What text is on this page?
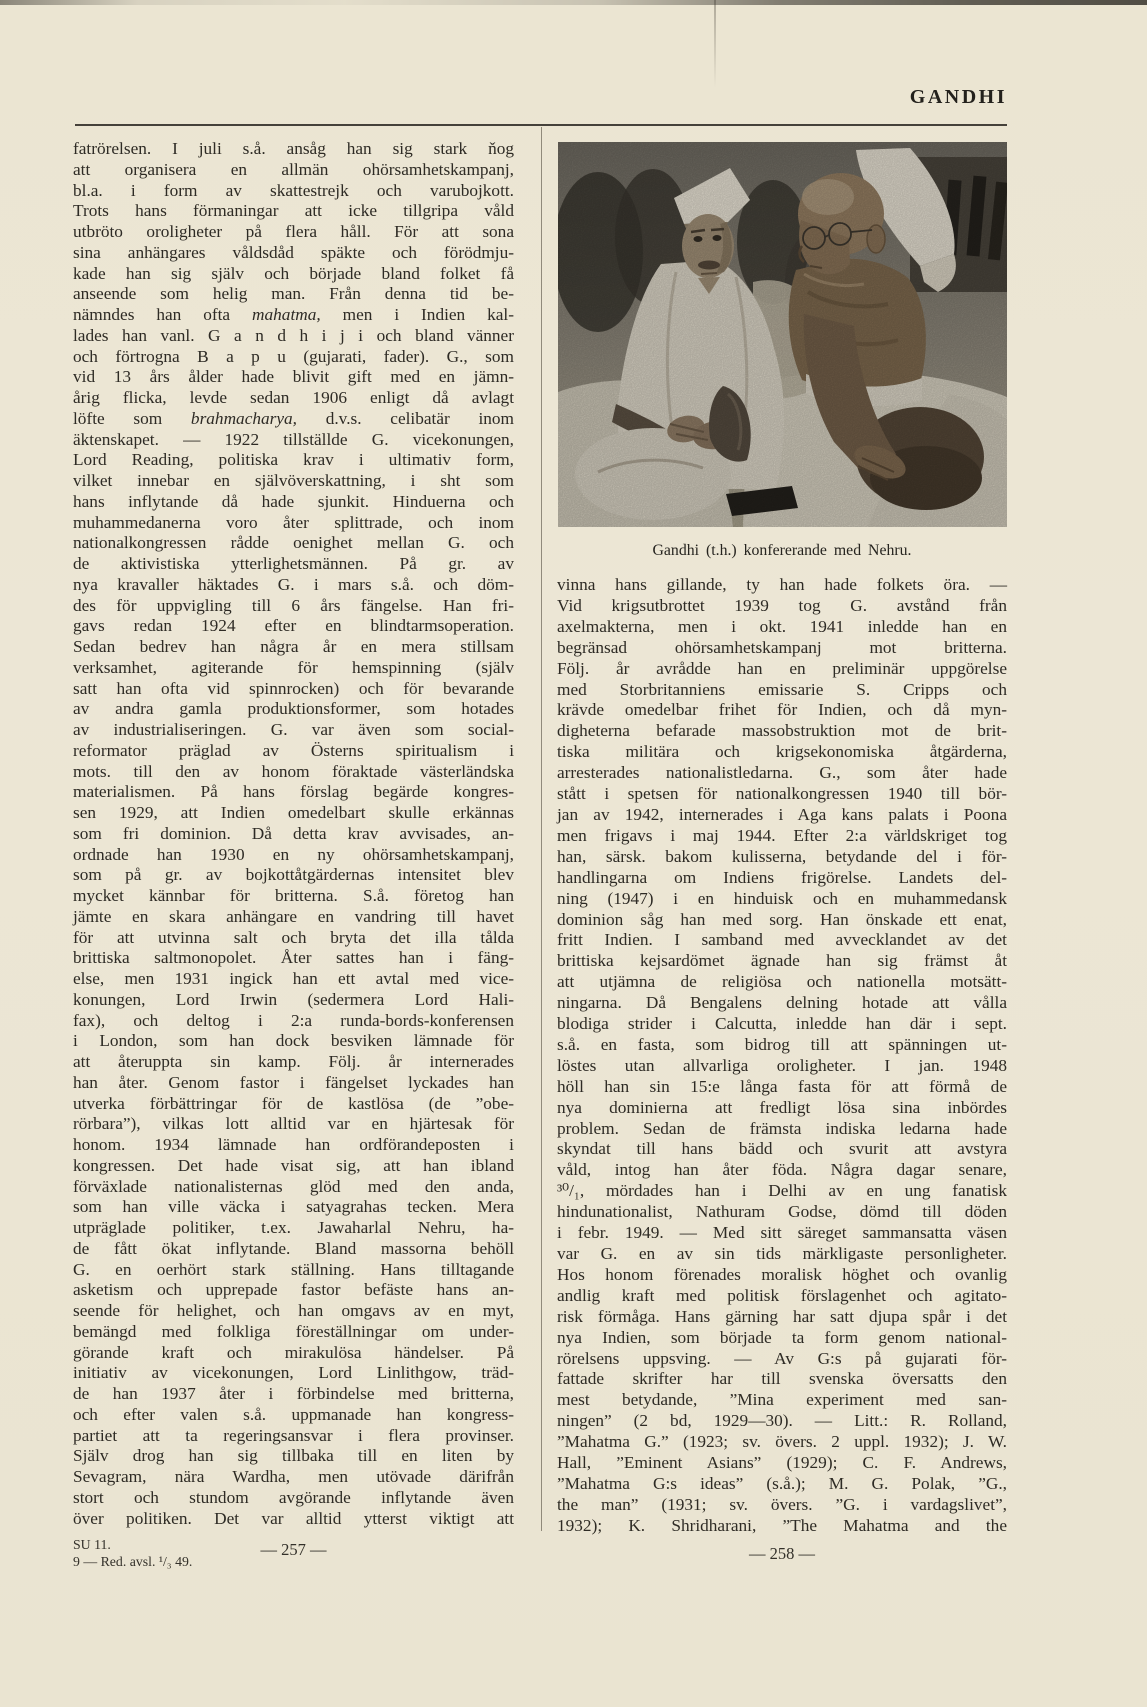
GANDHI
fatrörelsen. I juli s.å. ansåg han sig stark ňog
att organisera en allmän ohörsamhetskampanj,
bl.a. i form av skattestrejk och varubojkott.
Trots hans förmaningar att icke tillgripa våld
utbröto oroligheter på flera håll. För att sona
sina anhängares våldsdåd späkte och förödmju-
kade han sig själv och började bland folket få
anseende som helig man. Från denna tid be-
nämndes han ofta mahatma, men i Indien kal-
lades han vanl. G a n d h i j i och bland vänner
och förtrogna B a p u (gujarati, fader). G., som
vid 13 års ålder hade blivit gift med en jämn-
årig flicka, levde sedan 1906 enligt då avlagt
löfte som brahmacharya, d.v.s. celibatär inom
äktenskapet. — 1922 tillställde G. vicekonungen,
Lord Reading, politiska krav i ultimativ form,
vilket innebar en självöverskattning, i sht som
hans inflytande då hade sjunkit. Hinduerna och
muhammedanerna voro åter splittrade, och inom
nationalkongressen rådde oenighet mellan G. och
de aktivistiska ytterlighetsmännen. På gr. av
nya kravaller häktades G. i mars s.å. och döm-
des för uppvigling till 6 års fängelse. Han fri-
gavs redan 1924 efter en blindtarmsoperation.
Sedan bedrev han några år en mera stillsam
verksamhet, agiterande för hemspinning (själv
satt han ofta vid spinnrocken) och för bevarande
av andra gamla produktionsformer, som hotades
av industrialiseringen. G. var även som social-
reformator präglad av Österns spiritualism i
mots. till den av honom föraktade västerländska
materialismen. På hans förslag begärde kongres-
sen 1929, att Indien omedelbart skulle erkännas
som fri dominion. Då detta krav avvisades, an-
ordnade han 1930 en ny ohörsamhetskampanj,
som på gr. av bojkottåtgärdernas intensitet blev
mycket kännbar för britterna. S.å. företog han
jämte en skara anhängare en vandring till havet
för att utvinna salt och bryta det illa tålda
brittiska saltmonopolet. Åter sattes han i fäng-
else, men 1931 ingick han ett avtal med vice-
konungen, Lord Irwin (sedermera Lord Hali-
fax), och deltog i 2:a runda-bords-konferensen
i London, som han dock besviken lämnade för
att återuppta sin kamp. Följ. år internerades
han åter. Genom fastor i fängelset lyckades han
utverka förbättringar för de kastlösa (de ”obe-
rörbara”), vilkas lott alltid var en hjärtesak för
honom. 1934 lämnade han ordförandeposten i
kongressen. Det hade visat sig, att han ibland
förväxlade nationalisternas glöd med den anda,
som han ville väcka i satyagrahas tecken. Mera
utpräglade politiker, t.ex. Jawaharlal Nehru, ha-
de fått ökat inflytande. Bland massorna behöll
G. en oerhört stark ställning. Hans tilltagande
asketism och upprepade fastor befäste hans an-
seende för helighet, och han omgavs av en myt,
bemängd med folkliga föreställningar om under-
görande kraft och mirakulösa händelser. På
initiativ av vicekonungen, Lord Linlithgow, träd-
de han 1937 åter i förbindelse med britterna,
och efter valen s.å. uppmanade han kongress-
partiet att ta regeringsansvar i flera provinser.
Själv drog han sig tillbaka till en liten by
Sevagram, nära Wardha, men utövade därifrån
stort och stundom avgörande inflytande även
över politiken. Det var alltid ytterst viktigt att
Gandhi (t.h.) konfererande med Nehru.
vinna hans gillande, ty han hade folkets öra. —
Vid krigsutbrottet 1939 tog G. avstånd från
axelmakterna, men i okt. 1941 inledde han en
begränsad ohörsamhetskampanj mot britterna.
Följ. år avrådde han en preliminär uppgörelse
med Storbritanniens emissarie S. Cripps och
krävde omedelbar frihet för Indien, och då myn-
digheterna befarade massobstruktion mot de brit-
tiska militära och krigsekonomiska åtgärderna,
arresterades nationalistledarna. G., som åter hade
stått i spetsen för nationalkongressen 1940 till bör-
jan av 1942, internerades i Aga kans palats i Poona
men frigavs i maj 1944. Efter 2:a världskriget tog
han, särsk. bakom kulisserna, betydande del i för-
handlingarna om Indiens frigörelse. Landets del-
ning (1947) i en hinduisk och en muhammedansk
dominion såg han med sorg. Han önskade ett enat,
fritt Indien. I samband med avvecklandet av det
brittiska kejsardömet ägnade han sig främst åt
att utjämna de religiösa och nationella motsätt-
ningarna. Då Bengalens delning hotade att vålla
blodiga strider i Calcutta, inledde han där i sept.
s.å. en fasta, som bidrog till att spänningen ut-
löstes utan allvarliga oroligheter. I jan. 1948
höll han sin 15:e långa fasta för att förmå de
nya dominierna att fredligt lösa sina inbördes
problem. Sedan de främsta indiska ledarna hade
skyndat till hans bädd och svurit att avstyra
våld, intog han åter föda. Några dagar senare,
³⁰/₁, mördades han i Delhi av en ung fanatisk
hindunationalist, Nathuram Godse, dömd till döden
i febr. 1949. — Med sitt säreget sammansatta väsen
var G. en av sin tids märkligaste personligheter.
Hos honom förenades moralisk höghet och ovanlig
andlig kraft med politisk förslagenhet och agitato-
risk förmåga. Hans gärning har satt djupa spår i det
nya Indien, som började ta form genom national-
rörelsens uppsving. — Av G:s på gujarati för-
fattade skrifter har till svenska översatts den
mest betydande, ”Mina experiment med san-
ningen” (2 bd, 1929—30). — Litt.: R. Rolland,
”Mahatma G.” (1923; sv. övers. 2 uppl. 1932); J. W.
Hall, ”Eminent Asians” (1929); C. F. Andrews,
”Mahatma G:s ideas” (s.å.); M. G. Polak, ”G.,
the man” (1931; sv. övers. ”G. i vardagslivet”,
1932); K. Shridharani, ”The Mahatma and the
— 257 —	— 258 —
SU 11.
9 — Red. avsl. ¹/₃ 49.
